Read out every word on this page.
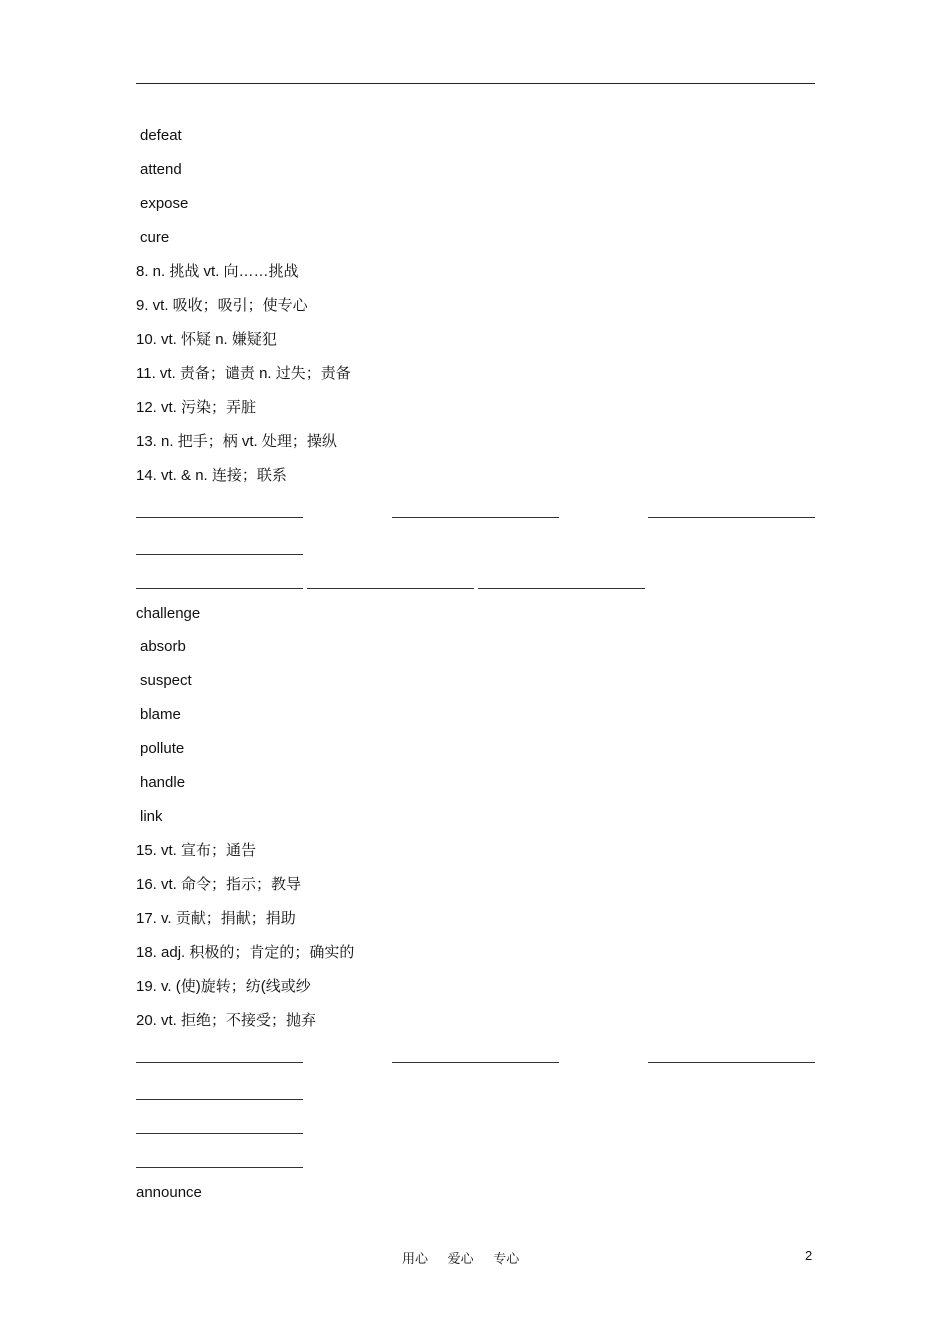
defeat
attend
expose
cure
8. n. 挑战 vt. 向……挑战
9. vt. 吸收；吸引；使专心
10. vt. 怀疑 n. 嫌疑犯
11. vt. 责备；谴责 n. 过失；责备
12. vt. 污染；弄脏
13. n. 把手；柄 vt. 处理；操纵
14. vt. & n. 连接；联系
challenge
absorb
suspect
blame
pollute
handle
link
15. vt. 宣布；通告
16. vt. 命令；指示；教导
17. v. 贡献；捐献；捐助
18. adj. 积极的；肯定的；确实的
19. v. (使)旋转；纺(线或纱
20. vt. 拒绝；不接受；抛弃
announce
用心 爱心 专心	2
